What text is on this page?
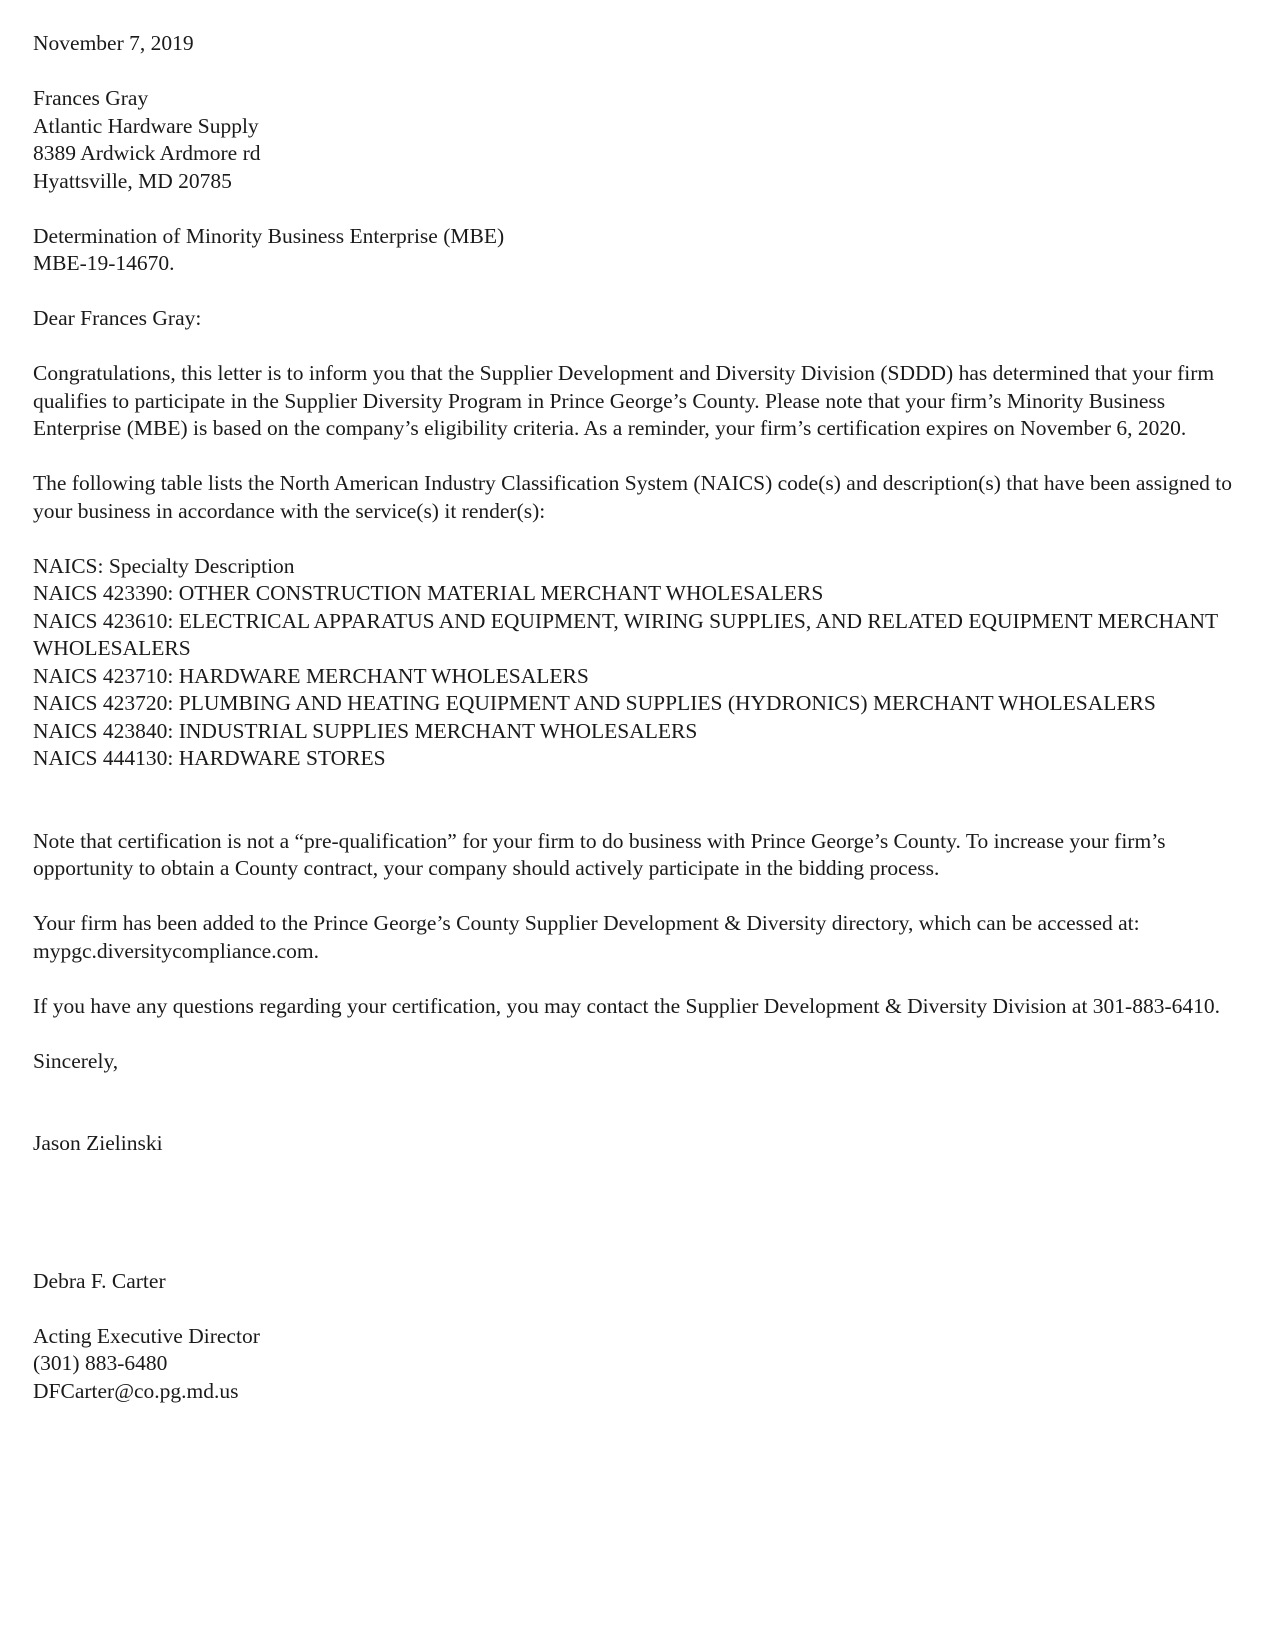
November 7, 2019
Frances Gray
Atlantic Hardware Supply
8389 Ardwick Ardmore rd
Hyattsville, MD 20785
Determination of Minority Business Enterprise (MBE)
MBE-19-14670.
Dear Frances Gray:

Congratulations, this letter is to inform you that the Supplier Development and Diversity Division (SDDD) has determined that your firm qualifies to participate in the Supplier Diversity Program in Prince George’s County. Please note that your firm’s Minority Business Enterprise (MBE) is based on the company’s eligibility criteria. As a reminder, your firm’s certification expires on November 6, 2020.

The following table lists the North American Industry Classification System (NAICS) code(s) and description(s) that have been assigned to your business in accordance with the service(s) it render(s):

NAICS: Specialty Description
NAICS 423390: OTHER CONSTRUCTION MATERIAL MERCHANT WHOLESALERS
NAICS 423610: ELECTRICAL APPARATUS AND EQUIPMENT, WIRING SUPPLIES, AND RELATED EQUIPMENT MERCHANT WHOLESALERS
NAICS 423710: HARDWARE MERCHANT WHOLESALERS
NAICS 423720: PLUMBING AND HEATING EQUIPMENT AND SUPPLIES (HYDRONICS) MERCHANT WHOLESALERS
NAICS 423840: INDUSTRIAL SUPPLIES MERCHANT WHOLESALERS
NAICS 444130: HARDWARE STORES

Note that certification is not a “pre-qualification” for your firm to do business with Prince George’s County. To increase your firm’s opportunity to obtain a County contract, your company should actively participate in the bidding process.

Your firm has been added to the Prince George’s County Supplier Development & Diversity directory, which can be accessed at: mypgc.diversitycompliance.com.

If you have any questions regarding your certification, you may contact the Supplier Development & Diversity Division at 301-883-6410.

Sincerely,
Jason Zielinski
Debra F. Carter
Acting Executive Director
(301) 883-6480
DFCarter@co.pg.md.us
